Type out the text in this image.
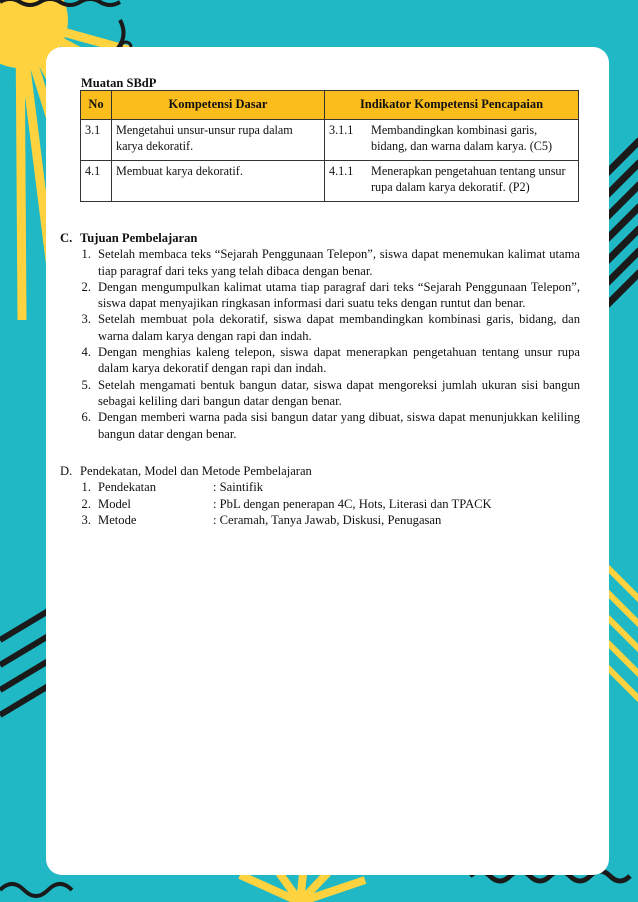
Muatan SBdP
No	Kompetensi Dasar	Indikator Kompetensi Pencapaian
3.1	Mengetahui unsur-unsur rupa dalam karya dekoratif.	3.1.1 Membandingkan kombinasi garis, bidang, dan warna dalam karya. (C5)

4.1	Membuat karya dekoratif.	4.1.1 Menerapkan pengetahuan tentang unsur rupa dalam karya dekoratif. (P2)
C. Tujuan Pembelajaran
1. Setelah membaca teks “Sejarah Penggunaan Telepon”, siswa dapat menemukan kalimat utama tiap paragraf dari teks yang telah dibaca dengan benar.
2. Dengan mengumpulkan kalimat utama tiap paragraf dari teks “Sejarah Penggunaan Telepon”, siswa dapat menyajikan ringkasan informasi dari suatu teks dengan runtut dan benar.
3. Setelah membuat pola dekoratif, siswa dapat membandingkan kombinasi garis, bidang, dan warna dalam karya dengan rapi dan indah.
4. Dengan menghias kaleng telepon, siswa dapat menerapkan pengetahuan tentang unsur rupa dalam karya dekoratif dengan rapi dan indah.
5. Setelah mengamati bentuk bangun datar, siswa dapat mengoreksi jumlah ukuran sisi bangun sebagai keliling dari bangun datar dengan benar.
6. Dengan memberi warna pada sisi bangun datar yang dibuat, siswa dapat menunjukkan keliling bangun datar dengan benar.
D. Pendekatan, Model dan Metode Pembelajaran
1. Pendekatan	: Saintifik
2. Model	: PbL dengan penerapan 4C, Hots, Literasi dan TPACK
3. Metode	: Ceramah, Tanya Jawab, Diskusi, Penugasan
